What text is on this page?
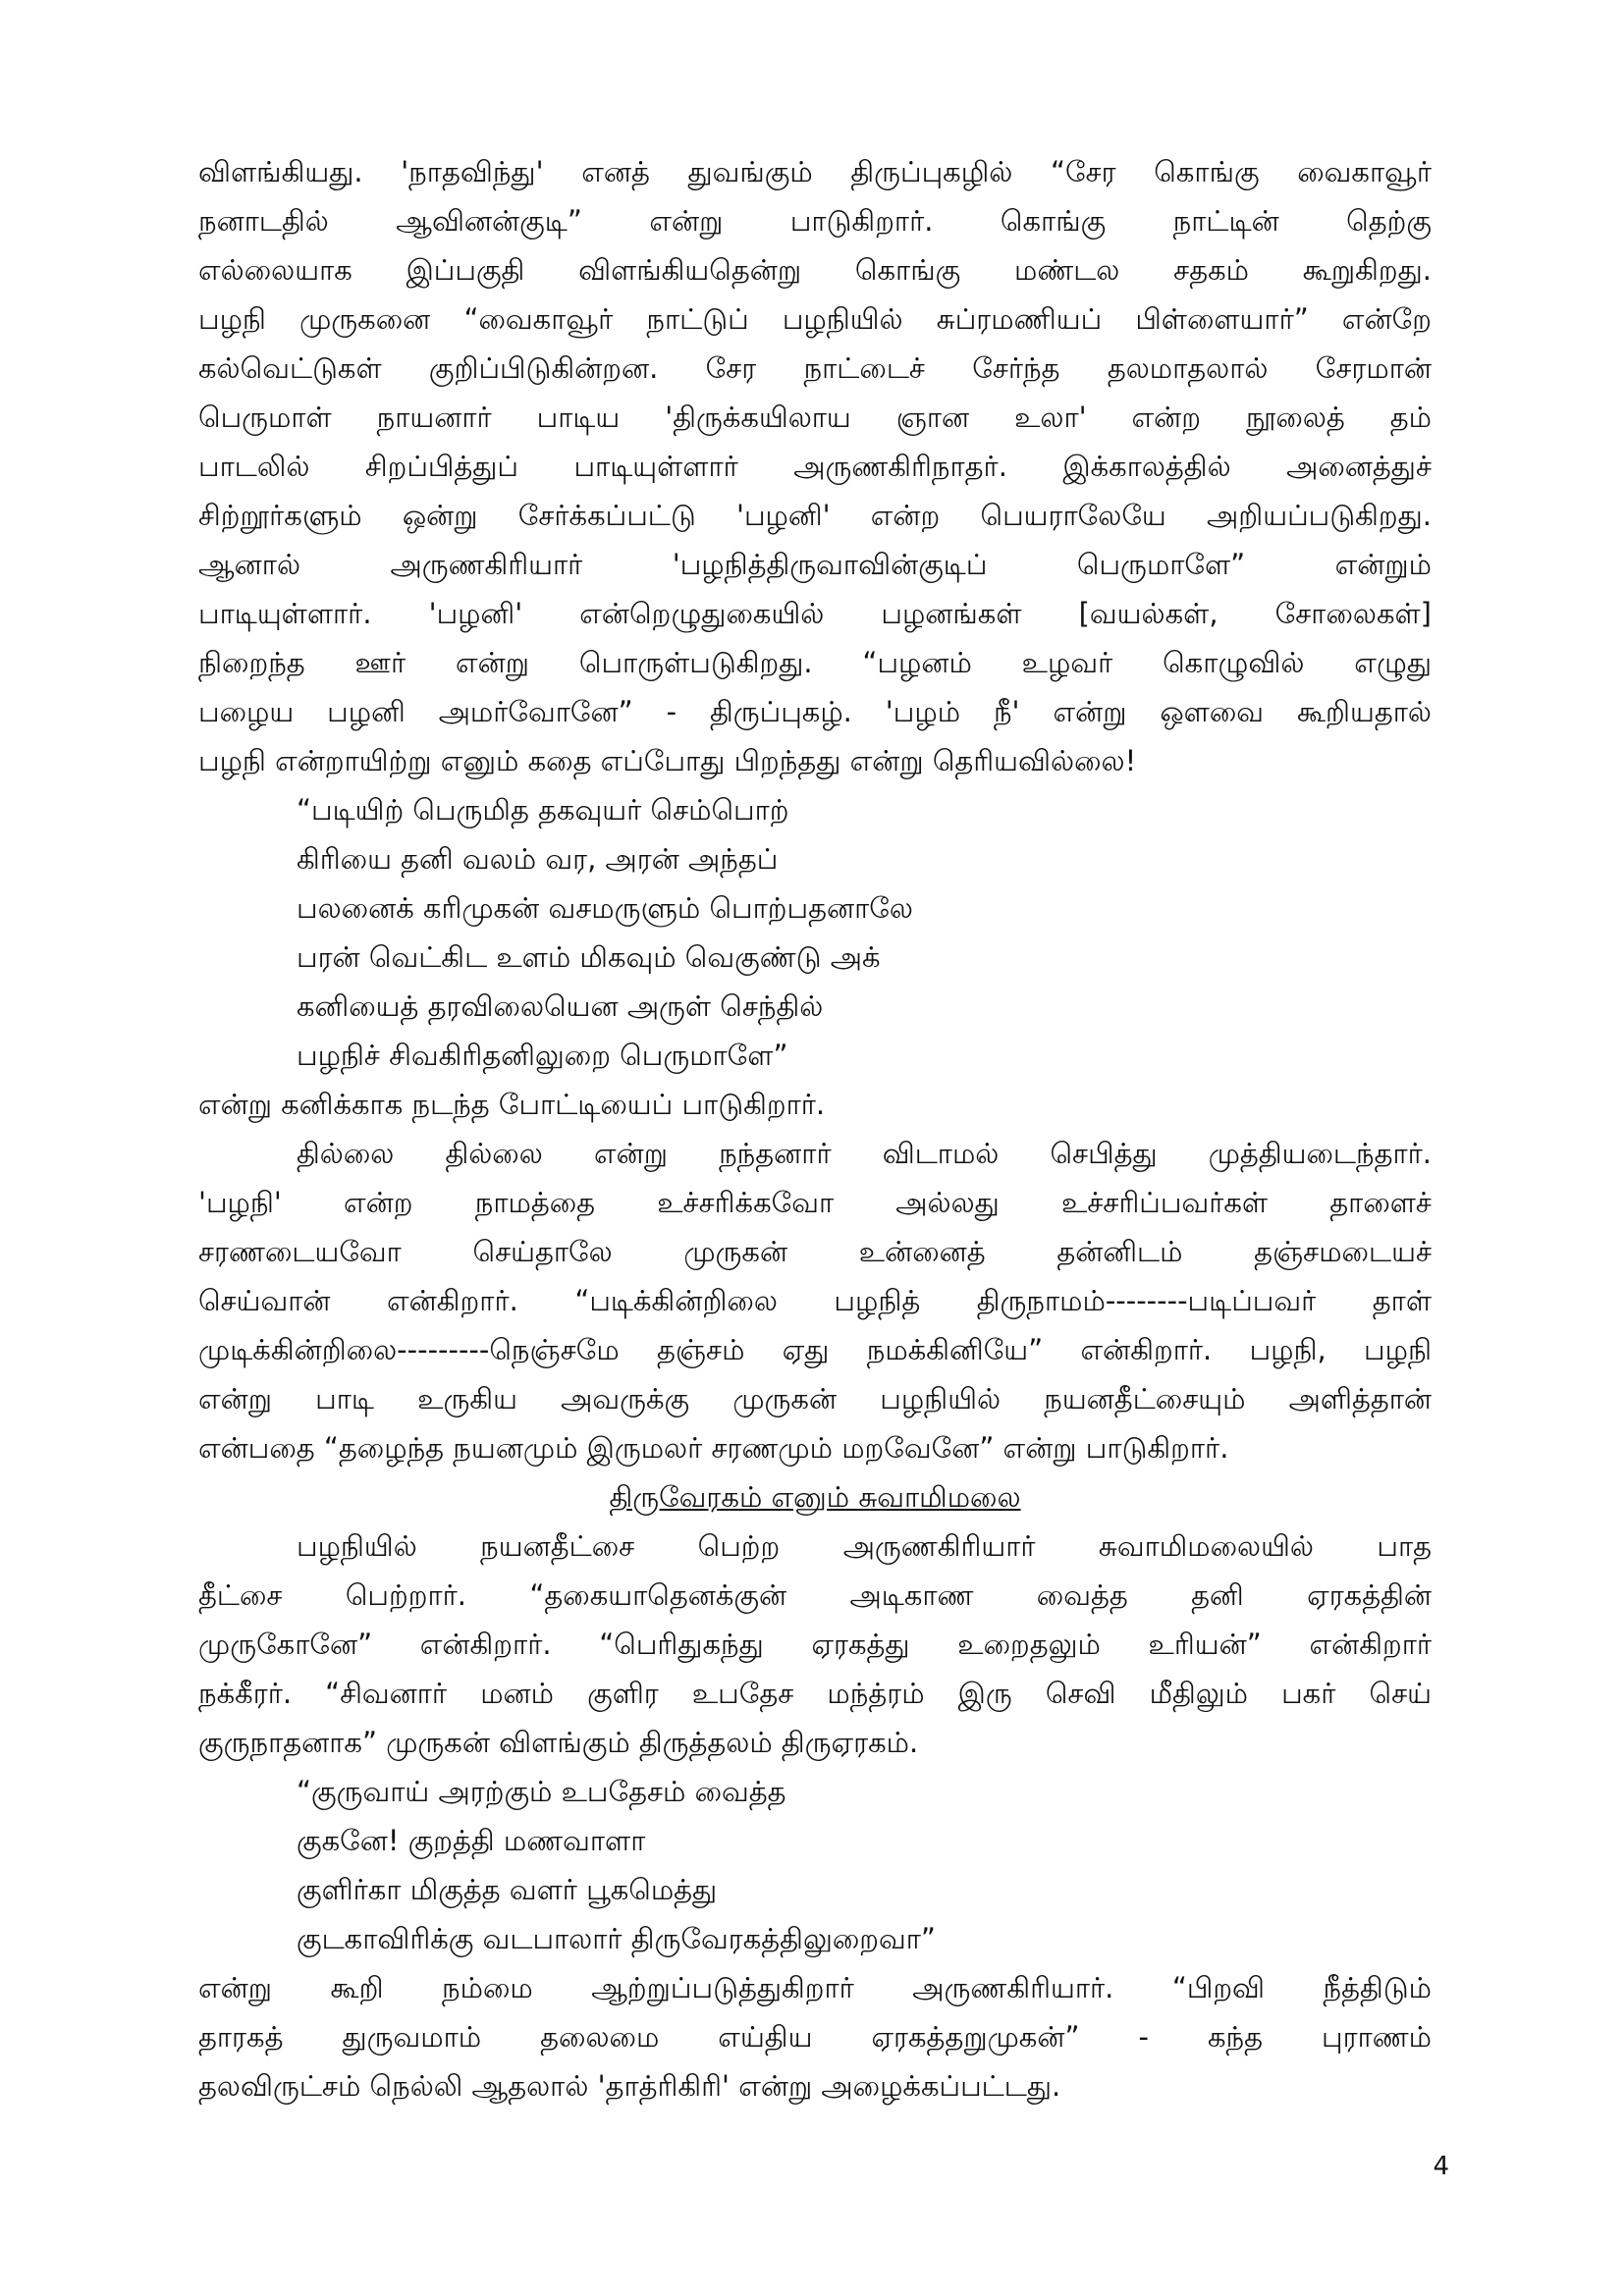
விளங்கியது. 'நாதவிந்து' எனத் துவங்கும் திருப்புகழில் “சேர கொங்கு வைகாவூர்
நனாடதில் ஆவினன்குடி” என்று பாடுகிறார். கொங்கு நாட்டின் தெற்கு
எல்லையாக இப்பகுதி விளங்கியதென்று கொங்கு மண்டல சதகம் கூறுகிறது.
பழநி முருகனை “வைகாவூர் நாட்டுப் பழநியில் சுப்ரமணியப் பிள்ளையார்” என்றே
கல்வெட்டுகள் குறிப்பிடுகின்றன. சேர நாட்டைச் சேர்ந்த தலமாதலால் சேரமான்
பெருமாள் நாயனார் பாடிய 'திருக்கயிலாய ஞான உலா' என்ற நூலைத் தம்
பாடலில் சிறப்பித்துப் பாடியுள்ளார் அருணகிரிநாதர். இக்காலத்தில் அனைத்துச்
சிற்றூர்களும் ஒன்று சேர்க்கப்பட்டு 'பழனி' என்ற பெயராலேயே அறியப்படுகிறது.
ஆனால் அருணகிரியார் 'பழநித்திருவாவின்குடிப் பெருமாளே” என்றும்
பாடியுள்ளார். 'பழனி' என்றெழுதுகையில் பழனங்கள் [வயல்கள், சோலைகள்]
நிறைந்த ஊர் என்று பொருள்படுகிறது. “பழனம் உழவர் கொழுவில் எழுது
பழைய பழனி அமர்வோனே” - திருப்புகழ். 'பழம் நீ' என்று ஒளவை கூறியதால்
பழநி என்றாயிற்று எனும் கதை எப்போது பிறந்தது என்று தெரியவில்லை!
“படியிற் பெருமித தகவுயர் செம்பொற்
கிரியை தனி வலம் வர, அரன் அந்தப்
பலனைக் கரிமுகன் வசமருளும் பொற்பதனாலே
பரன் வெட்கிட உளம் மிகவும் வெகுண்டு அக்
கனியைத் தரவிலையென அருள் செந்தில்
பழநிச் சிவகிரிதனிலுறை பெருமாளே”
என்று கனிக்காக நடந்த போட்டியைப் பாடுகிறார்.
தில்லை தில்லை என்று நந்தனார் விடாமல் செபித்து முத்தியடைந்தார்.
'பழநி' என்ற நாமத்தை உச்சரிக்கவோ அல்லது உச்சரிப்பவர்கள் தாளைச்
சரணடையவோ செய்தாலே முருகன் உன்னைத் தன்னிடம் தஞ்சமடையச்
செய்வான் என்கிறார். “படிக்கின்றிலை பழநித் திருநாமம்--------படிப்பவர் தாள்
முடிக்கின்றிலை---------நெஞ்சமே தஞ்சம் ஏது நமக்கினியே” என்கிறார். பழநி, பழநி
என்று பாடி உருகிய அவருக்கு முருகன் பழநியில் நயனதீட்சையும் அளித்தான்
என்பதை “தழைந்த நயனமும் இருமலர் சரணமும் மறவேனே” என்று பாடுகிறார்.
திருவேரகம் எனும் சுவாமிமலை
பழநியில் நயனதீட்சை பெற்ற அருணகிரியார் சுவாமிமலையில் பாத
தீட்சை பெற்றார். “தகையாதெனக்குன் அடிகாண வைத்த தனி ஏரகத்தின்
முருகோனே” என்கிறார். “பெரிதுகந்து ஏரகத்து உறைதலும் உரியன்” என்கிறார்
நக்கீரர். “சிவனார் மனம் குளிர உபதேச மந்த்ரம் இரு செவி மீதிலும் பகர் செய்
குருநாதனாக” முருகன் விளங்கும் திருத்தலம் திருஏரகம்.
“குருவாய் அரற்கும் உபதேசம் வைத்த
குகனே! குறத்தி மணவாளா
குளிர்கா மிகுத்த வளர் பூகமெத்து
குடகாவிரிக்கு வடபாலார் திருவேரகத்திலுறைவா”
என்று கூறி நம்மை ஆற்றுப்படுத்துகிறார் அருணகிரியார். “பிறவி நீத்திடும்
தாரகத் துருவமாம் தலைமை எய்திய ஏரகத்தறுமுகன்” - கந்த புராணம்
தலவிருட்சம் நெல்லி ஆதலால் 'தாத்ரிகிரி' என்று அழைக்கப்பட்டது.
4
